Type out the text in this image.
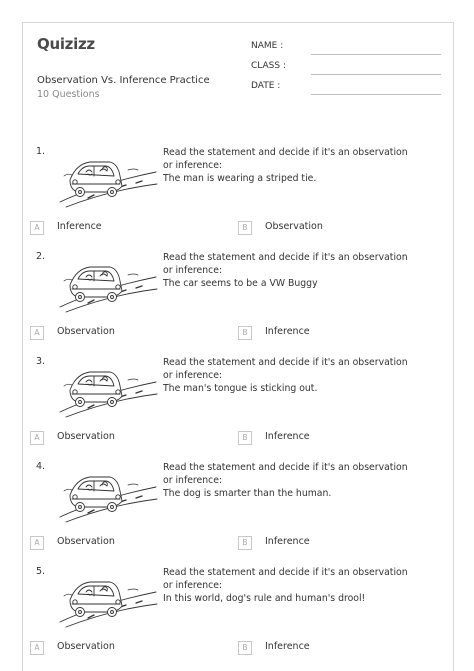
Quizizz
Observation Vs. Inference Practice
10 Questions
NAME :
CLASS :
DATE :
1.	Read the statement and decide if it's an observation or inference:
The man is wearing a striped tie.
A	Inference	B	Observation
2.	Read the statement and decide if it's an observation or inference:
The car seems to be a VW Buggy
A	Observation	B	Inference
3.	Read the statement and decide if it's an observation or inference:
The man's tongue is sticking out.
A	Observation	B	Inference
4.	Read the statement and decide if it's an observation or inference:
The dog is smarter than the human.
A	Observation	B	Inference
5.	Read the statement and decide if it's an observation or inference:
In this world, dog's rule and human's drool!
A	Observation	B	Inference
